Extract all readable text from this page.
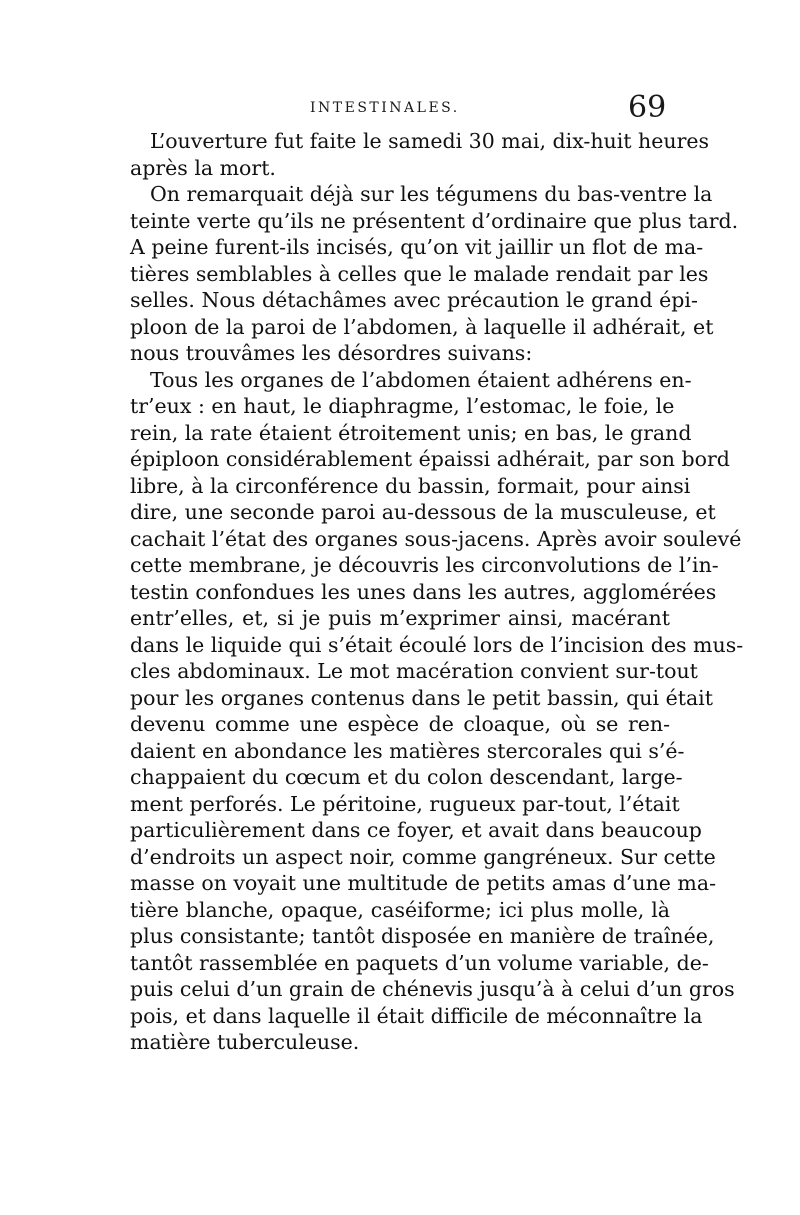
INTESTINALES.	69
L’ouverture fut faite le samedi 30 mai, dix-huit heures
après la mort.
On remarquait déjà sur les tégumens du bas-ventre la
teinte verte qu’ils ne présentent d’ordinaire que plus tard.
A peine furent-ils incisés, qu’on vit jaillir un flot de ma-
tières semblables à celles que le malade rendait par les
selles. Nous détachâmes avec précaution le grand épi-
ploon de la paroi de l’abdomen, à laquelle il adhérait, et
nous trouvâmes les désordres suivans:
Tous les organes de l’abdomen étaient adhérens en-
tr’eux : en haut, le diaphragme, l’estomac, le foie, le
rein, la rate étaient étroitement unis; en bas, le grand
épiploon considérablement épaissi adhérait, par son bord
libre, à la circonférence du bassin, formait, pour ainsi
dire, une seconde paroi au-dessous de la musculeuse, et
cachait l’état des organes sous-jacens. Après avoir soulevé
cette membrane, je découvris les circonvolutions de l’in-
testin confondues les unes dans les autres, agglomérées
entr’elles, et, si je puis m’exprimer ainsi, macérant
dans le liquide qui s’était écoulé lors de l’incision des mus-
cles abdominaux. Le mot macération convient sur-tout
pour les organes contenus dans le petit bassin, qui était
devenu comme une espèce de cloaque, où se ren-
daient en abondance les matières stercorales qui s’é-
chappaient du cœcum et du colon descendant, large-
ment perforés. Le péritoine, rugueux par-tout, l’était
particulièrement dans ce foyer, et avait dans beaucoup
d’endroits un aspect noir, comme gangréneux. Sur cette
masse on voyait une multitude de petits amas d’une ma-
tière blanche, opaque, caséiforme; ici plus molle, là
plus consistante; tantôt disposée en manière de traînée,
tantôt rassemblée en paquets d’un volume variable, de-
puis celui d’un grain de chénevis jusqu’à à celui d’un gros
pois, et dans laquelle il était difficile de méconnaître la
matière tuberculeuse.
